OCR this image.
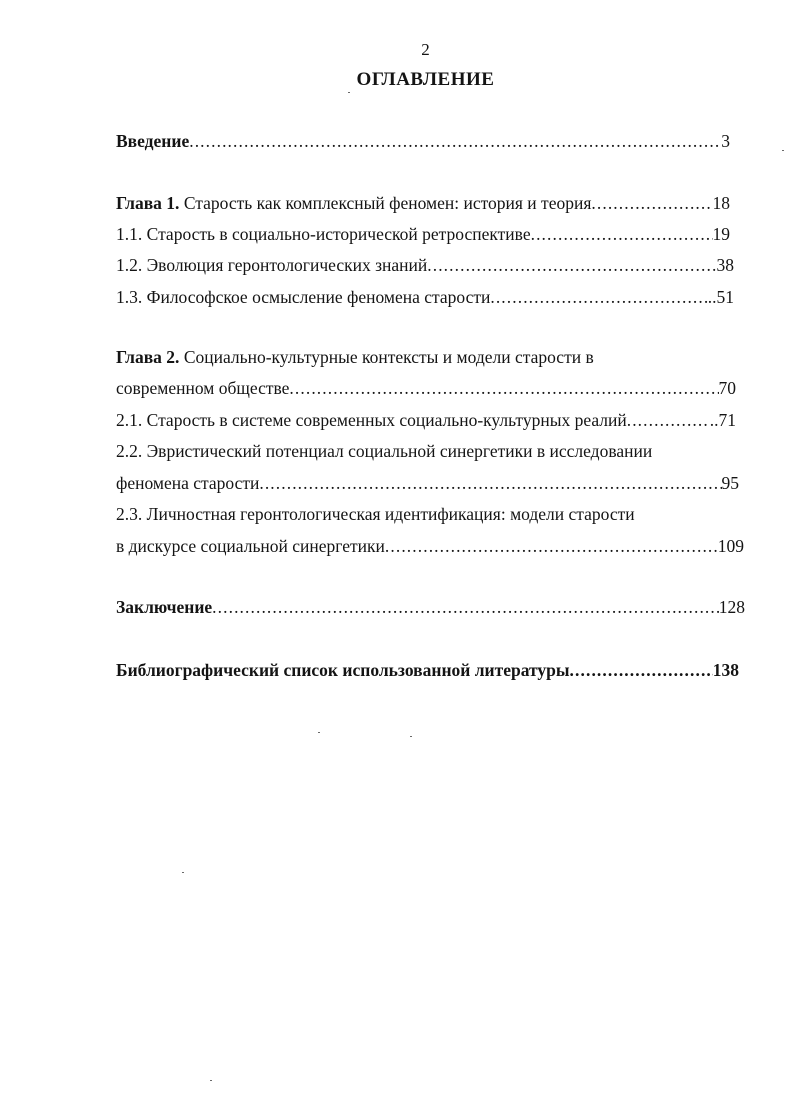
2
ОГЛАВЛЕНИЕ
Введение .....	3
Глава 1. Старость как комплексный феномен: история и теория .....	18
1.1. Старость в социально-исторической ретроспективе .....	19
1.2. Эволюция геронтологических знаний .....	38
1.3. Философское осмысление феномена старости .....	..51
Глава 2. Социально-культурные контексты и модели старости в
современном обществе .....	70
2.1. Старость в системе современных социально-культурных реалий .....	..71
2.2. Эвристический потенциал социальной синергетики в исследовании
феномена старости .....	95
2.3. Личностная геронтологическая идентификация: модели старости
в дискурсе социальной синергетики .....	109
Заключение .....	128
Библиографический список использованной литературы .....	138
